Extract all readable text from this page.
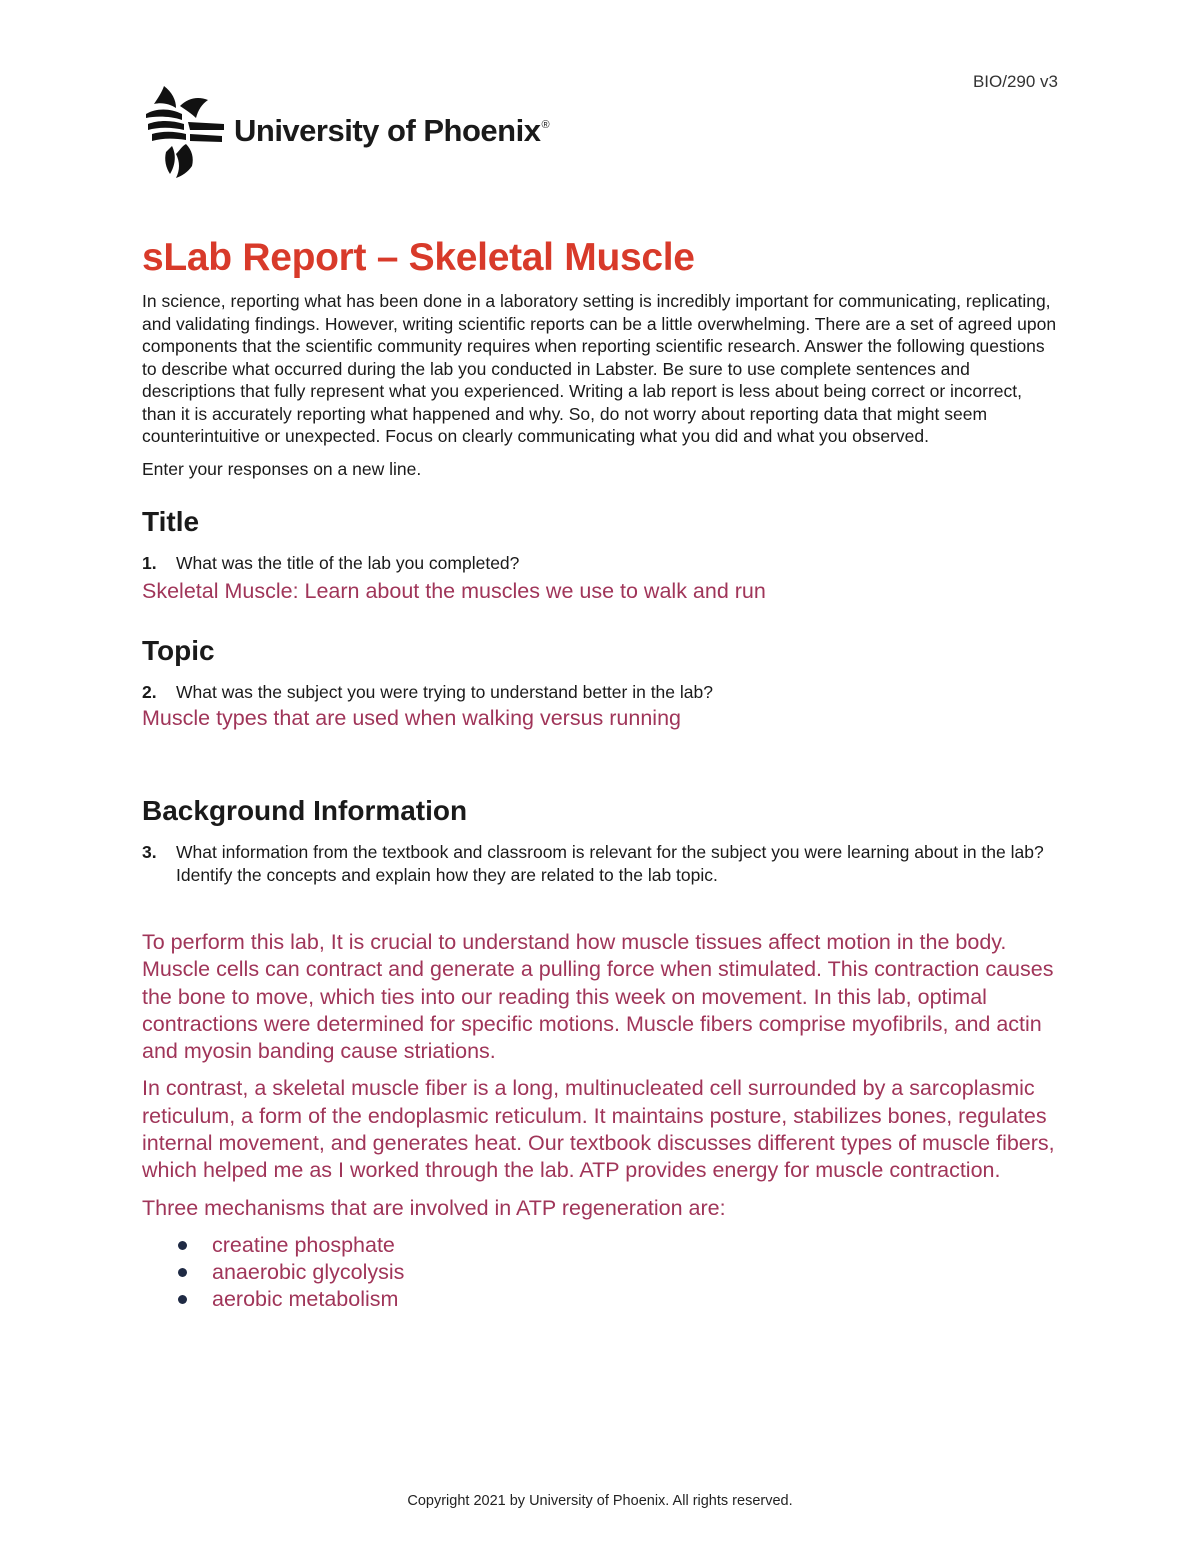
BIO/290 v3
University of Phoenix®
sLab Report – Skeletal Muscle

In science, reporting what has been done in a laboratory setting is incredibly important for communicating, replicating, and validating findings. However, writing scientific reports can be a little overwhelming. There are a set of agreed upon components that the scientific community requires when reporting scientific research. Answer the following questions to describe what occurred during the lab you conducted in Labster. Be sure to use complete sentences and descriptions that fully represent what you experienced. Writing a lab report is less about being correct or incorrect, than it is accurately reporting what happened and why. So, do not worry about reporting data that might seem counterintuitive or unexpected. Focus on clearly communicating what you did and what you observed.

Enter your responses on a new line.

Title
1.	What was the title of the lab you completed?

Skeletal Muscle: Learn about the muscles we use to walk and run

Topic
2.	What was the subject you were trying to understand better in the lab?

Muscle types that are used when walking versus running

Background Information
3.	What information from the textbook and classroom is relevant for the subject you were learning about in the lab? Identify the concepts and explain how they are related to the lab topic.

To perform this lab, It is crucial to understand how muscle tissues affect motion in the body. Muscle cells can contract and generate a pulling force when stimulated. This contraction causes the bone to move, which ties into our reading this week on movement. In this lab, optimal contractions were determined for specific motions. Muscle fibers comprise myofibrils, and actin and myosin banding cause striations.

In contrast, a skeletal muscle fiber is a long, multinucleated cell surrounded by a sarcoplasmic reticulum, a form of the endoplasmic reticulum. It maintains posture, stabilizes bones, regulates internal movement, and generates heat. Our textbook discusses different types of muscle fibers, which helped me as I worked through the lab. ATP provides energy for muscle contraction.

Three mechanisms that are involved in ATP regeneration are:

creatine phosphate
anaerobic glycolysis
aerobic metabolism
Copyright 2021 by University of Phoenix. All rights reserved.
